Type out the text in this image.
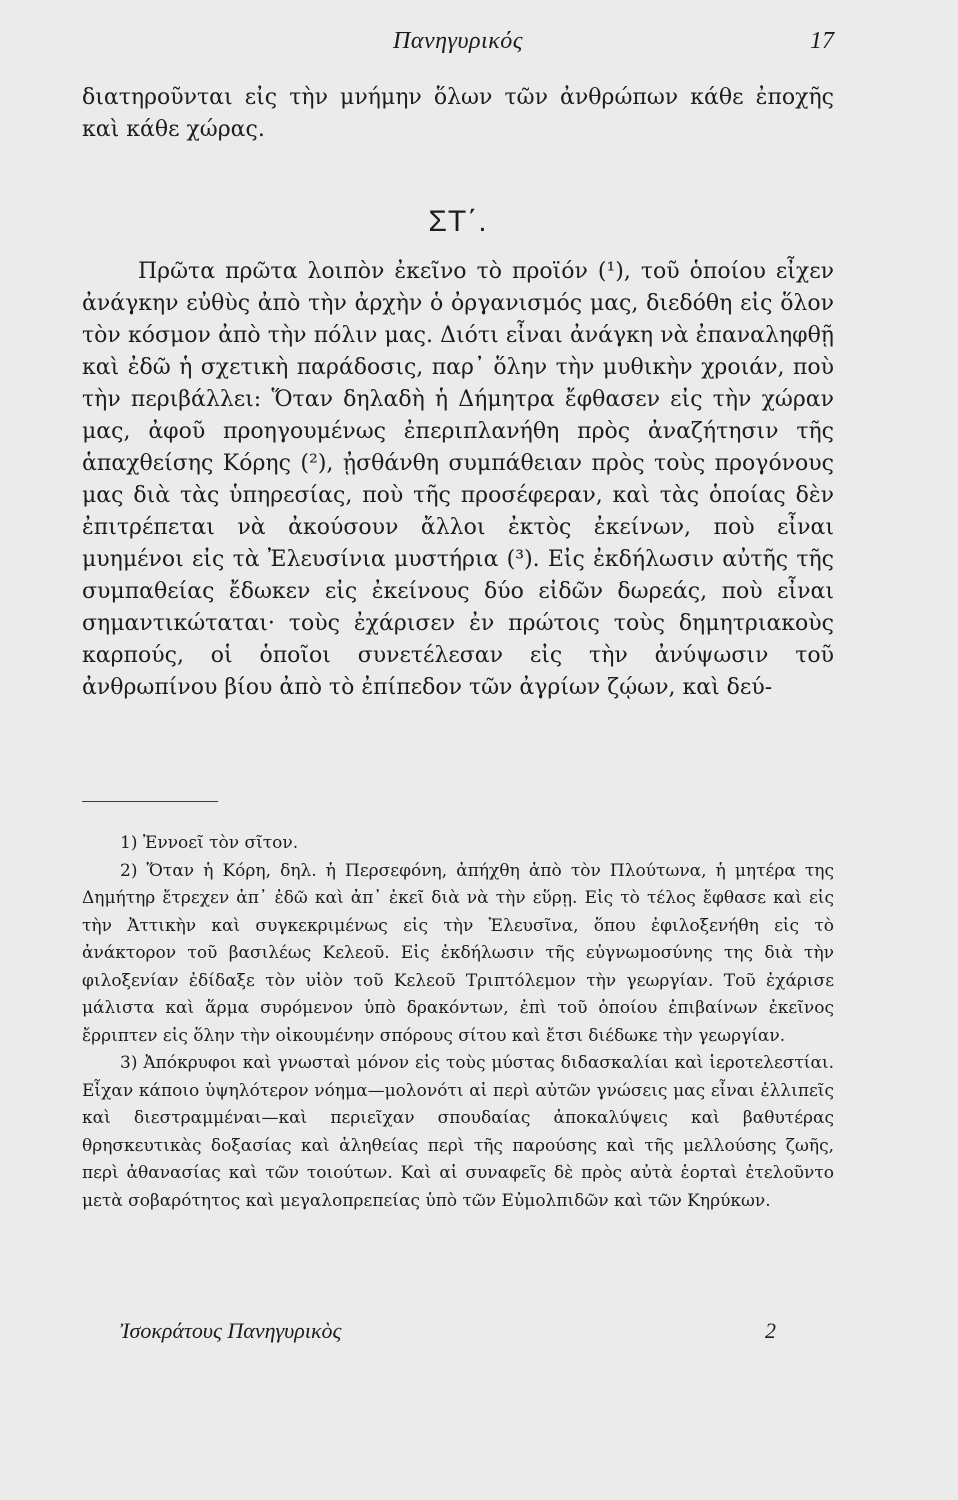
Πανηγυρικός	17

διατηροῦνται εἰς τὴν μνήμην ὅλων τῶν ἀνθρώπων κάθε ἐποχῆς καὶ κάθε χώρας.

ΣΤ΄.

Πρῶτα πρῶτα λοιπὸν ἐκεῖνο τὸ προϊόν (¹), τοῦ ὁποίου εἶχεν ἀνάγκην εὐθὺς ἀπὸ τὴν ἀρχὴν ὁ ὀργανισμός μας, διεδόθη εἰς ὅλον τὸν κόσμον ἀπὸ τὴν πόλιν μας. Διότι εἶναι ἀνάγκη νὰ ἐπαναληφθῇ καὶ ἐδῶ ἡ σχετικὴ παράδοσις, παρ᾽ ὅλην τὴν μυθικὴν χροιάν, ποὺ τὴν περιβάλλει: Ὅταν δηλαδὴ ἡ Δήμητρα ἔφθασεν εἰς τὴν χώραν μας, ἀφοῦ προηγουμένως ἐπεριπλανήθη πρὸς ἀναζήτησιν τῆς ἁπαχθείσης Κόρης (²), ᾐσθάνθη συμπάθειαν πρὸς τοὺς προγόνους μας διὰ τὰς ὑπηρεσίας, ποὺ τῆς προσέφεραν, καὶ τὰς ὁποίας δὲν ἐπιτρέπεται νὰ ἀκούσουν ἄλλοι ἐκτὸς ἐκείνων, ποὺ εἶναι μυημένοι εἰς τὰ Ἐλευσίνια μυστήρια (³). Εἰς ἐκδήλωσιν αὐτῆς τῆς συμπαθείας ἔδωκεν εἰς ἐκείνους δύο εἰδῶν δωρεάς, ποὺ εἶναι σημαντικώταται· τοὺς ἐχάρισεν ἐν πρώτοις τοὺς δημητριακοὺς καρπούς, οἱ ὁποῖοι συνετέλεσαν εἰς τὴν ἀνύψωσιν τοῦ ἀνθρωπίνου βίου ἀπὸ τὸ ἐπίπεδον τῶν ἀγρίων ζῴων, καὶ δεύ-

1) Ἐννοεῖ τὸν σῖτον.

2) Ὅταν ἡ Κόρη, δηλ. ἡ Περσεφόνη, ἀπήχθη ἀπὸ τὸν Πλούτωνα, ἡ μητέρα της Δημήτηρ ἔτρεχεν ἀπ᾽ ἐδῶ καὶ ἀπ᾽ ἐκεῖ διὰ νὰ τὴν εὕρῃ. Εἰς τὸ τέλος ἔφθασε καὶ εἰς τὴν Ἀττικὴν καὶ συγκεκριμένως εἰς τὴν Ἐλευσῖνα, ὅπου ἐφιλοξενήθη εἰς τὸ ἀνάκτορον τοῦ βασιλέως Κελεοῦ. Εἰς ἐκδήλωσιν τῆς εὐγνωμοσύνης της διὰ τὴν φιλοξενίαν ἐδίδαξε τὸν υἱὸν τοῦ Κελεοῦ Τριπτόλεμον τὴν γεωργίαν. Τοῦ ἐχάρισε μάλιστα καὶ ἅρμα συρόμενον ὑπὸ δρακόντων, ἐπὶ τοῦ ὁποίου ἐπιβαίνων ἐκεῖνος ἔρριπτεν εἰς ὅλην τὴν οἰκουμένην σπόρους σίτου καὶ ἔτσι διέδωκε τὴν γεωργίαν.

3) Ἀπόκρυφοι καὶ γνωσταὶ μόνον εἰς τοὺς μύστας διδασκαλίαι καὶ ἱεροτελεστίαι. Εἶχαν κάποιο ὑψηλότερον νόημα—μολονότι αἱ περὶ αὐτῶν γνώσεις μας εἶναι ἐλλιπεῖς καὶ διεστραμμέναι—καὶ περιεῖχαν σπουδαίας ἀποκαλύψεις καὶ βαθυτέρας θρησκευτικὰς δοξασίας καὶ ἀληθείας περὶ τῆς παρούσης καὶ τῆς μελλούσης ζωῆς, περὶ ἀθανασίας καὶ τῶν τοιούτων. Καὶ αἱ συναφεῖς δὲ πρὸς αὐτὰ ἑορταὶ ἐτελοῦντο μετὰ σοβαρότητος καὶ μεγαλοπρεπείας ὑπὸ τῶν Εὐμολπιδῶν καὶ τῶν Κηρύκων.

Ἰσοκράτους Πανηγυρικὸς	2
